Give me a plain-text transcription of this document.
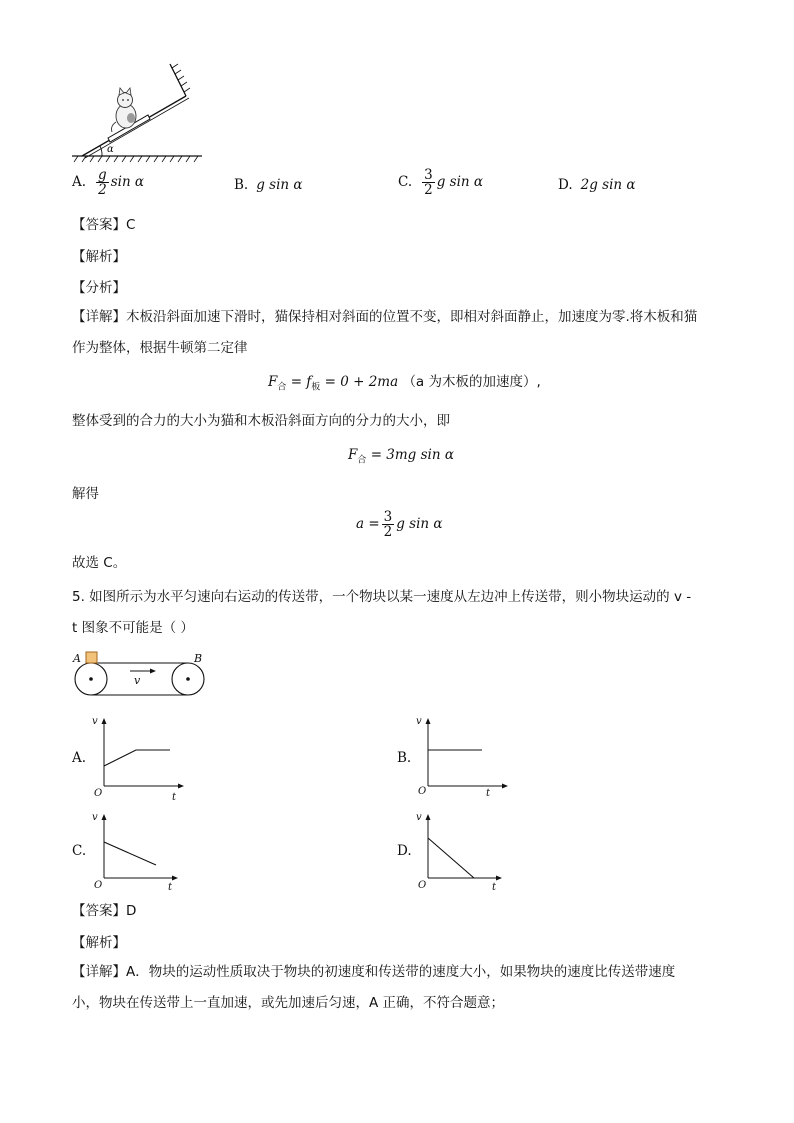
α
A. $\frac{g}{2}$ sin α	B. g sin α	C. $\frac{3}{2}$ g sin α	D. 2g sin α
【答案】C
【解析】
【分析】
【详解】木板沿斜面加速下滑时，猫保持相对斜面的位置不变，即相对斜面静止，加速度为零.将木板和猫
作为整体，根据牛顿第二定律
$F_合 = f_板 = 0 + 2ma$ （a 为木板的加速度）,
整体受到的合力的大小为猫和木板沿斜面方向的分力的大小，即
$F_合 = 3mg$ sin α
解得
$a = \frac{3}{2}$ g sin α
故选 C。
5. 如图所示为水平匀速向右运动的传送带，一个物块以某一速度从左边冲上传送带，则小物块运动的 v -
t 图象不可能是（ ）
A	B
v
A.
v
t
O
B.
v
t
O
C.
v
t
O
D.
v
t
O
【答案】D
【解析】
【详解】A．物块的运动性质取决于物块的初速度和传送带的速度大小，如果物块的速度比传送带速度
小，物块在传送带上一直加速，或先加速后匀速，A 正确，不符合题意；
